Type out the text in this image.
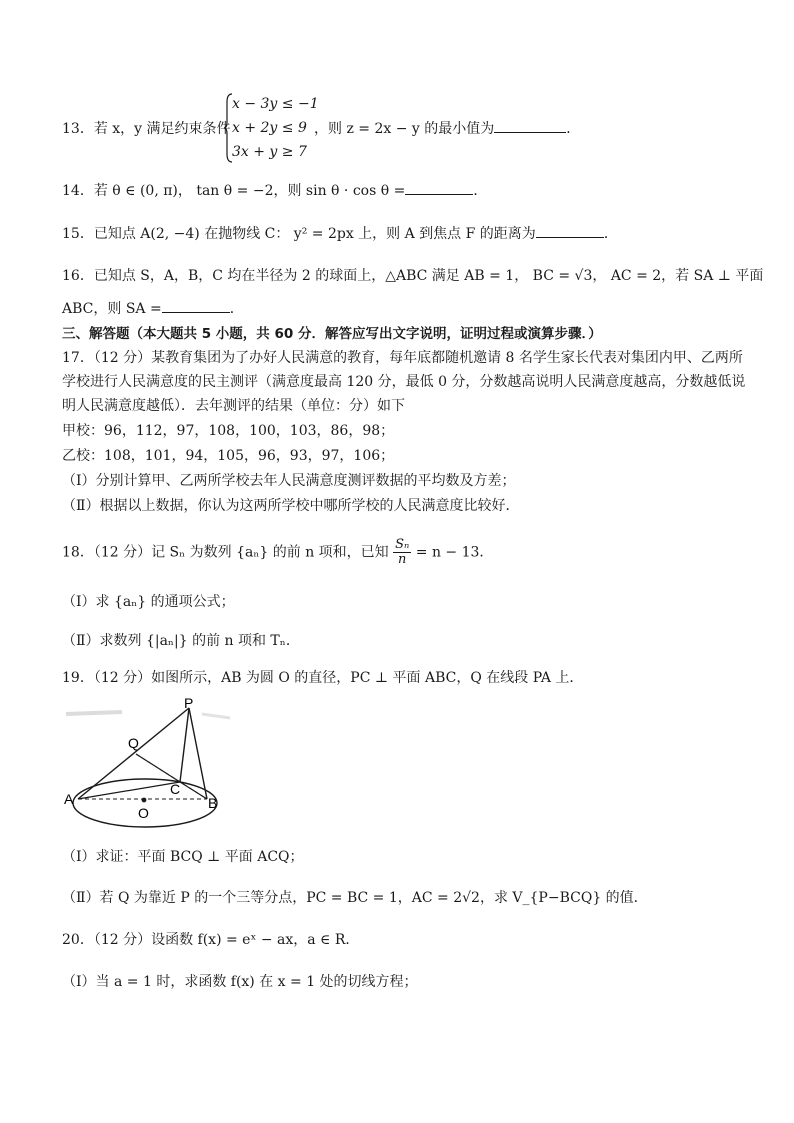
13．若 x，y 满足约束条件
x − 3y ≤ −1
x + 2y ≤ 9
3x + y ≥ 7
，则 z = 2x − y 的最小值为	．
14．若 θ ∈ (0, π)， tan θ = −2，则 sin θ · cos θ =	．
15．已知点 A(2, −4) 在抛物线 C： y² = 2px 上，则 A 到焦点 F 的距离为	．
16．已知点 S，A，B，C 均在半径为 2 的球面上，△ABC 满足 AB = 1， BC = √3， AC = 2，若 SA ⊥ 平面
ABC，则 SA =	．
三、解答题（本大题共 5 小题，共 60 分．解答应写出文字说明，证明过程或演算步骤．）
17．（12 分）某教育集团为了办好人民满意的教育，每年底都随机邀请 8 名学生家长代表对集团内甲、乙两所
学校进行人民满意度的民主测评（满意度最高 120 分，最低 0 分，分数越高说明人民满意度越高，分数越低说
明人民满意度越低）．去年测评的结果（单位：分）如下
甲校：96，112，97，108，100，103，86，98；
乙校：108，101，94，105，96，93，97，106；
（Ⅰ）分别计算甲、乙两所学校去年人民满意度测评数据的平均数及方差；
（Ⅱ）根据以上数据，你认为这两所学校中哪所学校的人民满意度比较好．
18．（12 分）记 Sₙ 为数列 {aₙ} 的前 n 项和，已知 $\frac{\text{Sₙ}}{n} = n - 13$．
（Ⅰ）求 {aₙ} 的通项公式；
（Ⅱ）求数列 {|aₙ|} 的前 n 项和 Tₙ．
19．（12 分）如图所示，AB 为圆 O 的直径，PC ⊥ 平面 ABC，Q 在线段 PA 上．
P
Q
C
A	B
O
（Ⅰ）求证：平面 BCQ ⊥ 平面 ACQ；
（Ⅱ）若 Q 为靠近 P 的一个三等分点，PC = BC = 1，AC = 2√2，求 V_{P−BCQ} 的值．
20．（12 分）设函数 f(x) = eˣ − ax，a ∈ R．
（Ⅰ）当 a = 1 时，求函数 f(x) 在 x = 1 处的切线方程；
